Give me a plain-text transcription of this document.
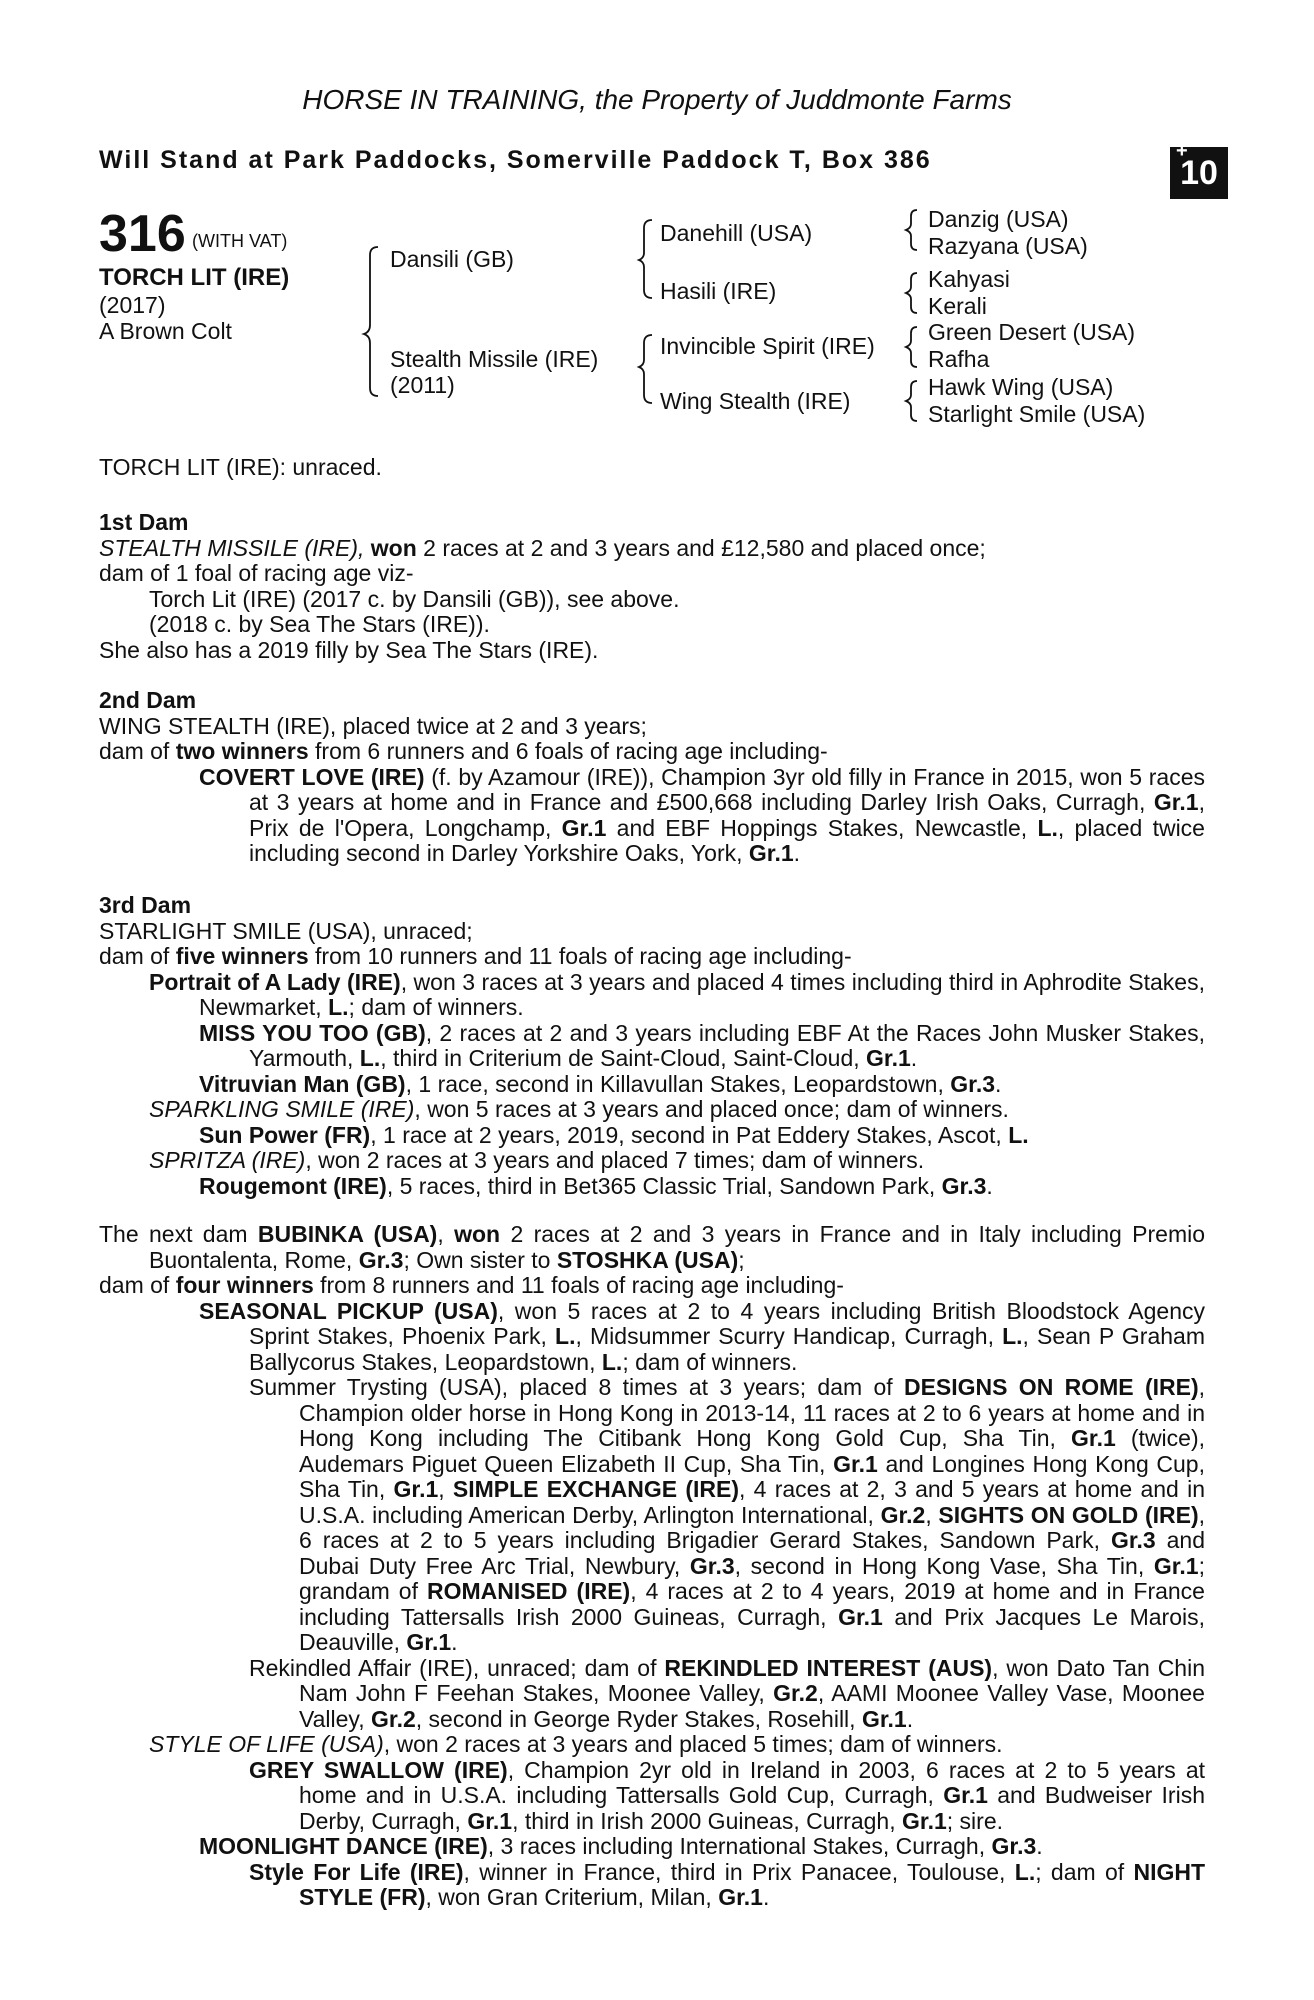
HORSE IN TRAINING, the Property of Juddmonte Farms
Will Stand at Park Paddocks, Somerville Paddock T, Box 386	+
10
316 (WITH VAT)
TORCH LIT (IRE)
(2017)
A Brown Colt
Dansili (GB)
Stealth Missile (IRE)
(2011)
Danehill (USA)
Hasili (IRE)
Invincible Spirit (IRE)
Wing Stealth (IRE)
Danzig (USA)
Razyana (USA)
Kahyasi
Kerali
Green Desert (USA)
Rafha
Hawk Wing (USA)
Starlight Smile (USA)
TORCH LIT (IRE): unraced.

1st Dam

STEALTH MISSILE (IRE), won 2 races at 2 and 3 years and £12,580 and placed once;

dam of 1 foal of racing age viz-

Torch Lit (IRE) (2017 c. by Dansili (GB)), see above.

(2018 c. by Sea The Stars (IRE)).

She also has a 2019 filly by Sea The Stars (IRE).

2nd Dam

WING STEALTH (IRE), placed twice at 2 and 3 years;

dam of two winners from 6 runners and 6 foals of racing age including-

COVERT LOVE (IRE) (f. by Azamour (IRE)), Champion 3yr old filly in France in 2015, won 5 races at 3 years at home and in France and £500,668 including Darley Irish Oaks, Curragh, Gr.1, Prix de l'Opera, Longchamp, Gr.1 and EBF Hoppings Stakes, Newcastle, L., placed twice including second in Darley Yorkshire Oaks, York, Gr.1.

3rd Dam

STARLIGHT SMILE (USA), unraced;

dam of five winners from 10 runners and 11 foals of racing age including-

Portrait of A Lady (IRE), won 3 races at 3 years and placed 4 times including third in Aphrodite Stakes, Newmarket, L.; dam of winners.

MISS YOU TOO (GB), 2 races at 2 and 3 years including EBF At the Races John Musker Stakes, Yarmouth, L., third in Criterium de Saint-Cloud, Saint-Cloud, Gr.1.

Vitruvian Man (GB), 1 race, second in Killavullan Stakes, Leopardstown, Gr.3.

SPARKLING SMILE (IRE), won 5 races at 3 years and placed once; dam of winners.

Sun Power (FR), 1 race at 2 years, 2019, second in Pat Eddery Stakes, Ascot, L.

SPRITZA (IRE), won 2 races at 3 years and placed 7 times; dam of winners.

Rougemont (IRE), 5 races, third in Bet365 Classic Trial, Sandown Park, Gr.3.

The next dam BUBINKA (USA), won 2 races at 2 and 3 years in France and in Italy including Premio Buontalenta, Rome, Gr.3; Own sister to STOSHKA (USA);

dam of four winners from 8 runners and 11 foals of racing age including-

SEASONAL PICKUP (USA), won 5 races at 2 to 4 years including British Bloodstock Agency Sprint Stakes, Phoenix Park, L., Midsummer Scurry Handicap, Curragh, L., Sean P Graham Ballycorus Stakes, Leopardstown, L.; dam of winners.

Summer Trysting (USA), placed 8 times at 3 years; dam of DESIGNS ON ROME (IRE), Champion older horse in Hong Kong in 2013-14, 11 races at 2 to 6 years at home and in Hong Kong including The Citibank Hong Kong Gold Cup, Sha Tin, Gr.1 (twice), Audemars Piguet Queen Elizabeth II Cup, Sha Tin, Gr.1 and Longines Hong Kong Cup, Sha Tin, Gr.1, SIMPLE EXCHANGE (IRE), 4 races at 2, 3 and 5 years at home and in U.S.A. including American Derby, Arlington International, Gr.2, SIGHTS ON GOLD (IRE), 6 races at 2 to 5 years including Brigadier Gerard Stakes, Sandown Park, Gr.3 and Dubai Duty Free Arc Trial, Newbury, Gr.3, second in Hong Kong Vase, Sha Tin, Gr.1; grandam of ROMANISED (IRE), 4 races at 2 to 4 years, 2019 at home and in France including Tattersalls Irish 2000 Guineas, Curragh, Gr.1 and Prix Jacques Le Marois, Deauville, Gr.1.

Rekindled Affair (IRE), unraced; dam of REKINDLED INTEREST (AUS), won Dato Tan Chin Nam John F Feehan Stakes, Moonee Valley, Gr.2, AAMI Moonee Valley Vase, Moonee Valley, Gr.2, second in George Ryder Stakes, Rosehill, Gr.1.

STYLE OF LIFE (USA), won 2 races at 3 years and placed 5 times; dam of winners.

GREY SWALLOW (IRE), Champion 2yr old in Ireland in 2003, 6 races at 2 to 5 years at home and in U.S.A. including Tattersalls Gold Cup, Curragh, Gr.1 and Budweiser Irish Derby, Curragh, Gr.1, third in Irish 2000 Guineas, Curragh, Gr.1; sire.

MOONLIGHT DANCE (IRE), 3 races including International Stakes, Curragh, Gr.3.

Style For Life (IRE), winner in France, third in Prix Panacee, Toulouse, L.; dam of NIGHT STYLE (FR), won Gran Criterium, Milan, Gr.1.
